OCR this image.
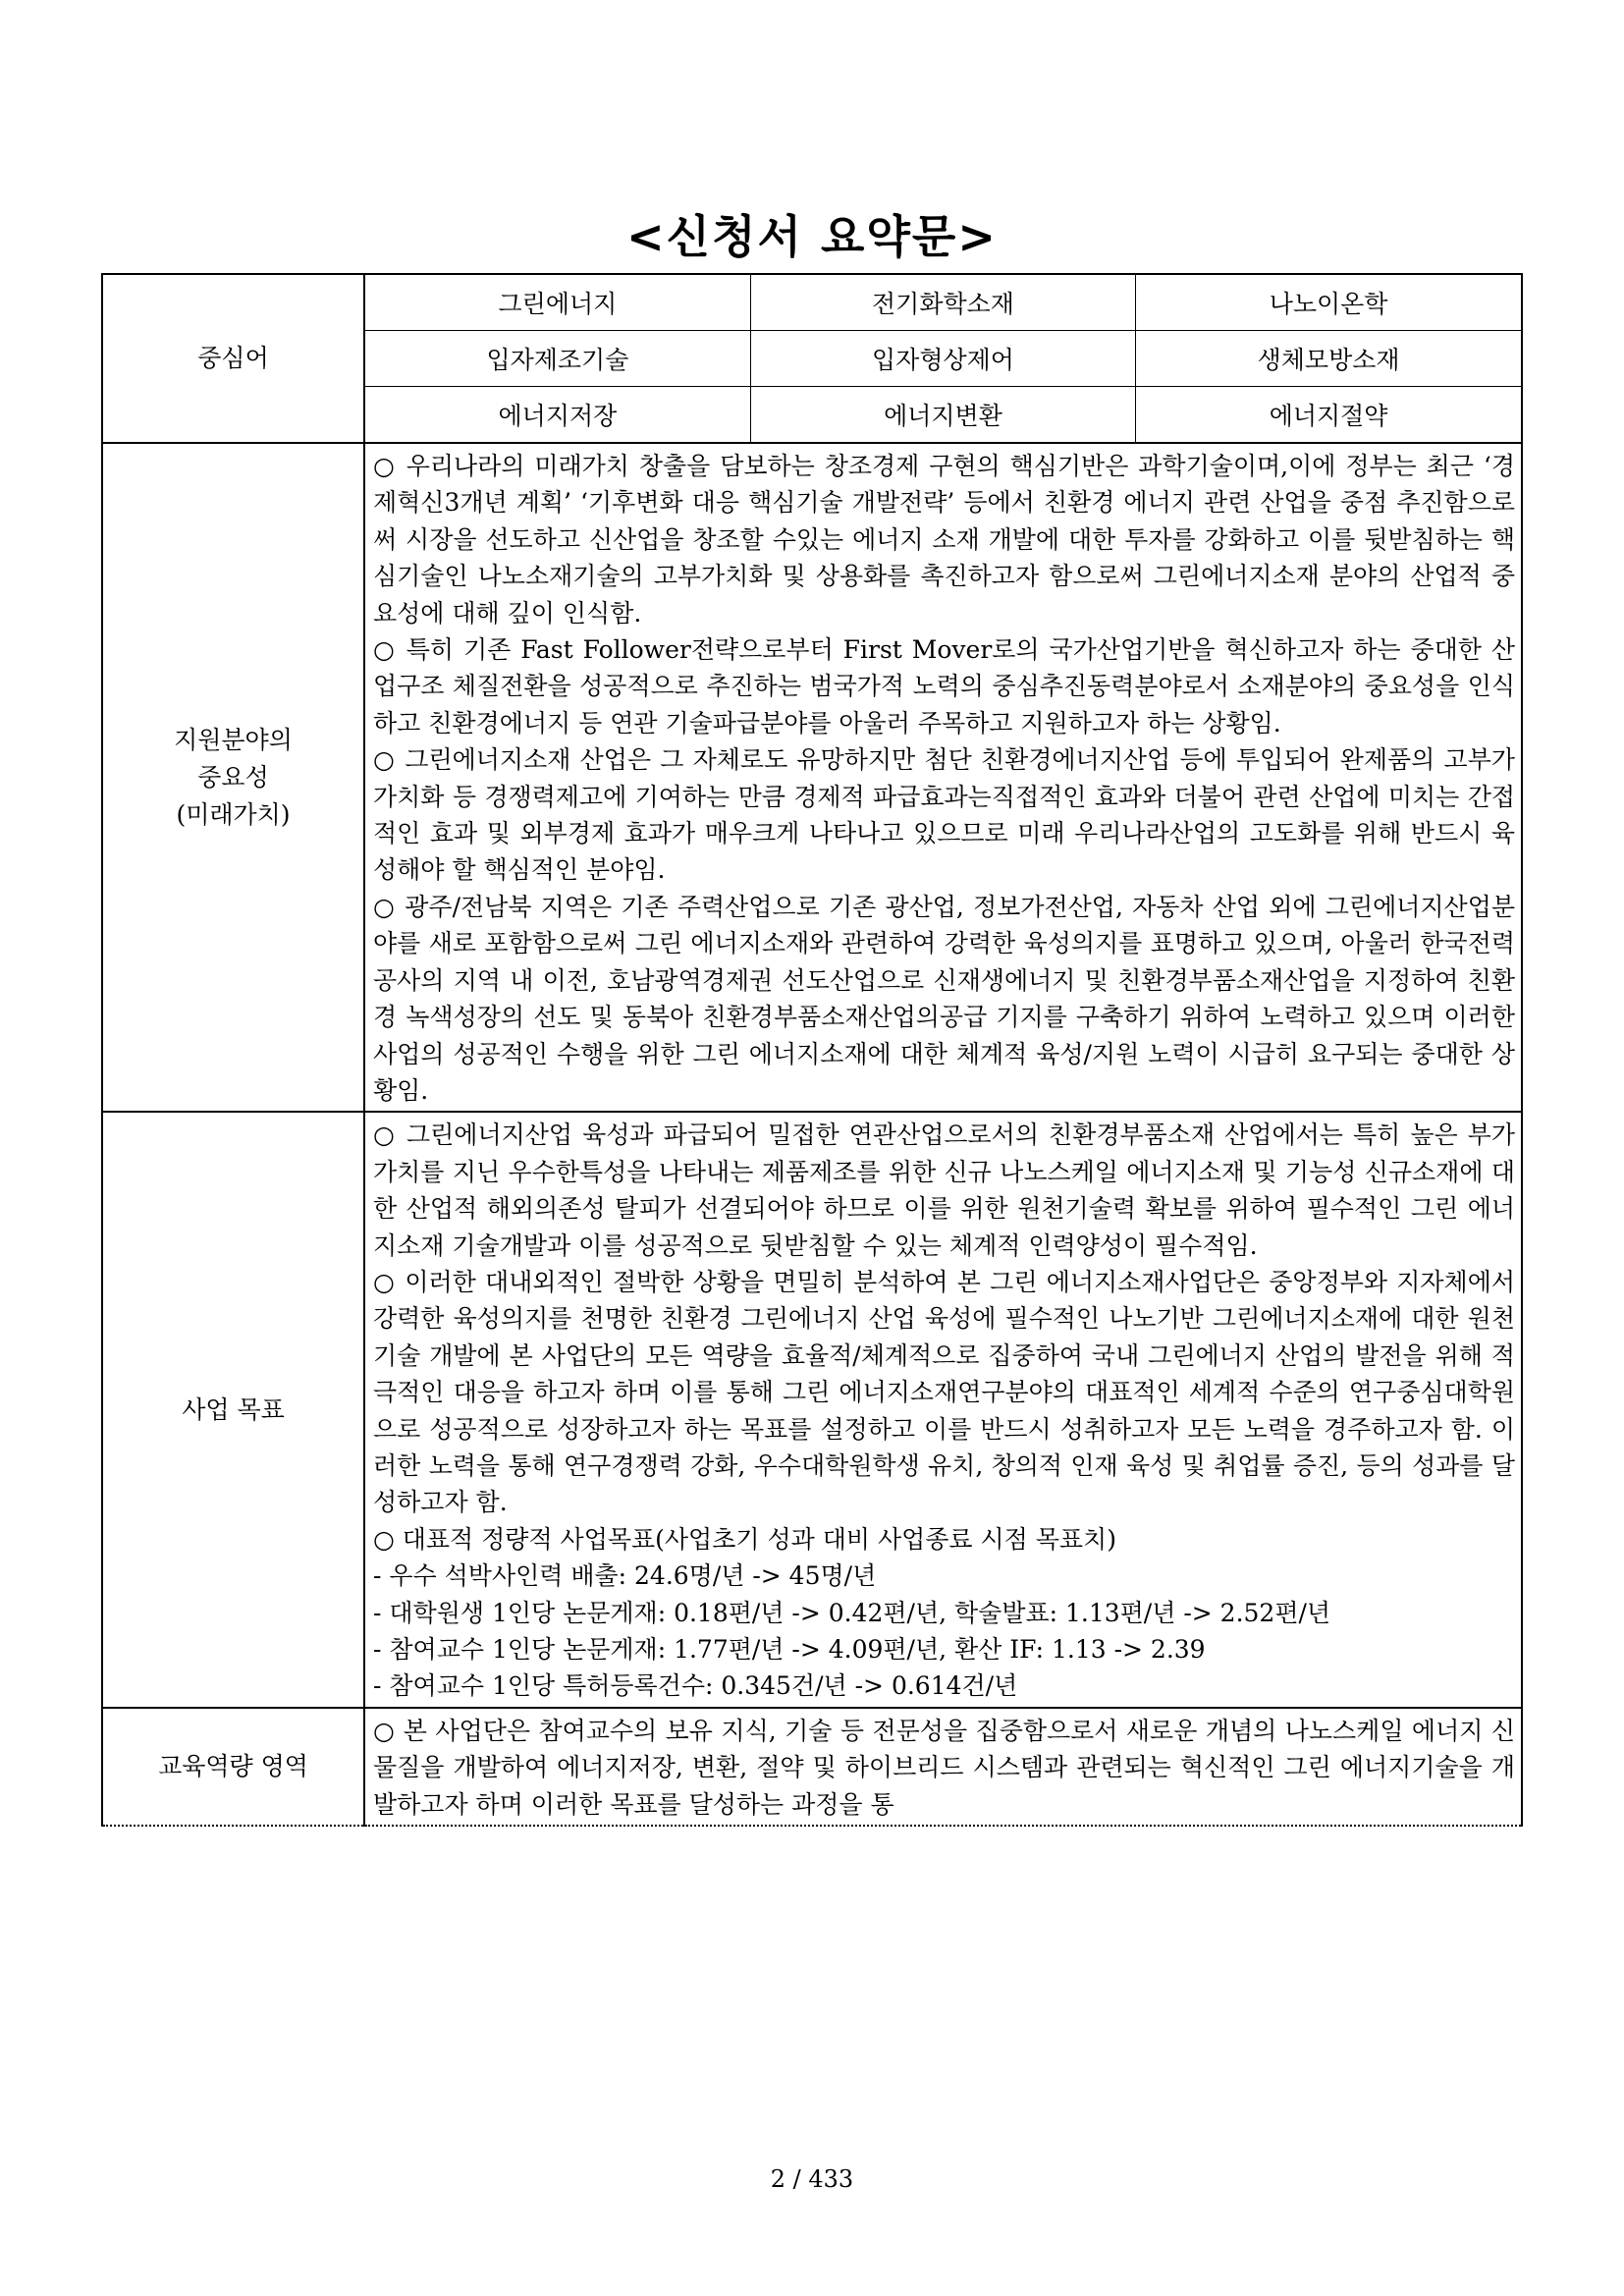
<신청서 요약문>
중심어	
그린에너지	전기화학소재	나노이온학
입자제조기술	입자형상제어	생체모방소재
에너지저장	에너지변환	에너지절약

지원분야의
중요성
(미래가치)

○ 우리나라의 미래가치 창출을 담보하는 창조경제 구현의 핵심기반은 과학기술이며,이에 정부는 최근 ‘경제혁신3개년 계획’ ‘기후변화 대응 핵심기술 개발전략’ 등에서 친환경 에너지 관련 산업을 중점 추진함으로써 시장을 선도하고 신산업을 창조할 수있는 에너지 소재 개발에 대한 투자를 강화하고 이를 뒷받침하는 핵심기술인 나노소재기술의 고부가치화 및 상용화를 촉진하고자 함으로써 그린에너지소재 분야의 산업적 중요성에 대해 깊이 인식함.

○ 특히 기존 Fast Follower전략으로부터 First Mover로의 국가산업기반을 혁신하고자 하는 중대한 산업구조 체질전환을 성공적으로 추진하는 범국가적 노력의 중심추진동력분야로서 소재분야의 중요성을 인식하고 친환경에너지 등 연관 기술파급분야를 아울러 주목하고 지원하고자 하는 상황임.

○ 그린에너지소재 산업은 그 자체로도 유망하지만 첨단 친환경에너지산업 등에 투입되어 완제품의 고부가가치화 등 경쟁력제고에 기여하는 만큼 경제적 파급효과는직접적인 효과와 더불어 관련 산업에 미치는 간접적인 효과 및 외부경제 효과가 매우크게 나타나고 있으므로 미래 우리나라산업의 고도화를 위해 반드시 육성해야 할 핵심적인 분야임.

○ 광주/전남북 지역은 기존 주력산업으로 기존 광산업, 정보가전산업, 자동차 산업 외에 그린에너지산업분야를 새로 포함함으로써 그린 에너지소재와 관련하여 강력한 육성의지를 표명하고 있으며, 아울러 한국전력공사의 지역 내 이전, 호남광역경제권 선도산업으로 신재생에너지 및 친환경부품소재산업을 지정하여 친환경 녹색성장의 선도 및 동북아 친환경부품소재산업의공급 기지를 구축하기 위하여 노력하고 있으며 이러한 사업의 성공적인 수행을 위한 그린 에너지소재에 대한 체계적 육성/지원 노력이 시급히 요구되는 중대한 상황임.

사업 목표	

○ 그린에너지산업 육성과 파급되어 밀접한 연관산업으로서의 친환경부품소재 산업에서는 특히 높은 부가가치를 지닌 우수한특성을 나타내는 제품제조를 위한 신규 나노스케일 에너지소재 및 기능성 신규소재에 대한 산업적 해외의존성 탈피가 선결되어야 하므로 이를 위한 원천기술력 확보를 위하여 필수적인 그린 에너지소재 기술개발과 이를 성공적으로 뒷받침할 수 있는 체계적 인력양성이 필수적임.

○ 이러한 대내외적인 절박한 상황을 면밀히 분석하여 본 그린 에너지소재사업단은 중앙정부와 지자체에서 강력한 육성의지를 천명한 친환경 그린에너지 산업 육성에 필수적인 나노기반 그린에너지소재에 대한 원천기술 개발에 본 사업단의 모든 역량을 효율적/체계적으로 집중하여 국내 그린에너지 산업의 발전을 위해 적극적인 대응을 하고자 하며 이를 통해 그린 에너지소재연구분야의 대표적인 세계적 수준의 연구중심대학원으로 성공적으로 성장하고자 하는 목표를 설정하고 이를 반드시 성취하고자 모든 노력을 경주하고자 함. 이러한 노력을 통해 연구경쟁력 강화, 우수대학원학생 유치, 창의적 인재 육성 및 취업률 증진, 등의 성과를 달성하고자 함.

○ 대표적 정량적 사업목표(사업초기 성과 대비 사업종료 시점 목표치)

- 우수 석박사인력 배출: 24.6명/년 -> 45명/년

- 대학원생 1인당 논문게재: 0.18편/년 -> 0.42편/년, 학술발표: 1.13편/년 -> 2.52편/년

- 참여교수 1인당 논문게재: 1.77편/년 -> 4.09편/년, 환산 IF: 1.13 -> 2.39

- 참여교수 1인당 특허등록건수: 0.345건/년 -> 0.614건/년

교육역량 영역	

○ 본 사업단은 참여교수의 보유 지식, 기술 등 전문성을 집중함으로서 새로운 개념의 나노스케일 에너지 신물질을 개발하여 에너지저장, 변환, 절약 및 하이브리드 시스템과 관련되는 혁신적인 그린 에너지기술을 개발하고자 하며 이러한 목표를 달성하는 과정을 통

2 / 433
